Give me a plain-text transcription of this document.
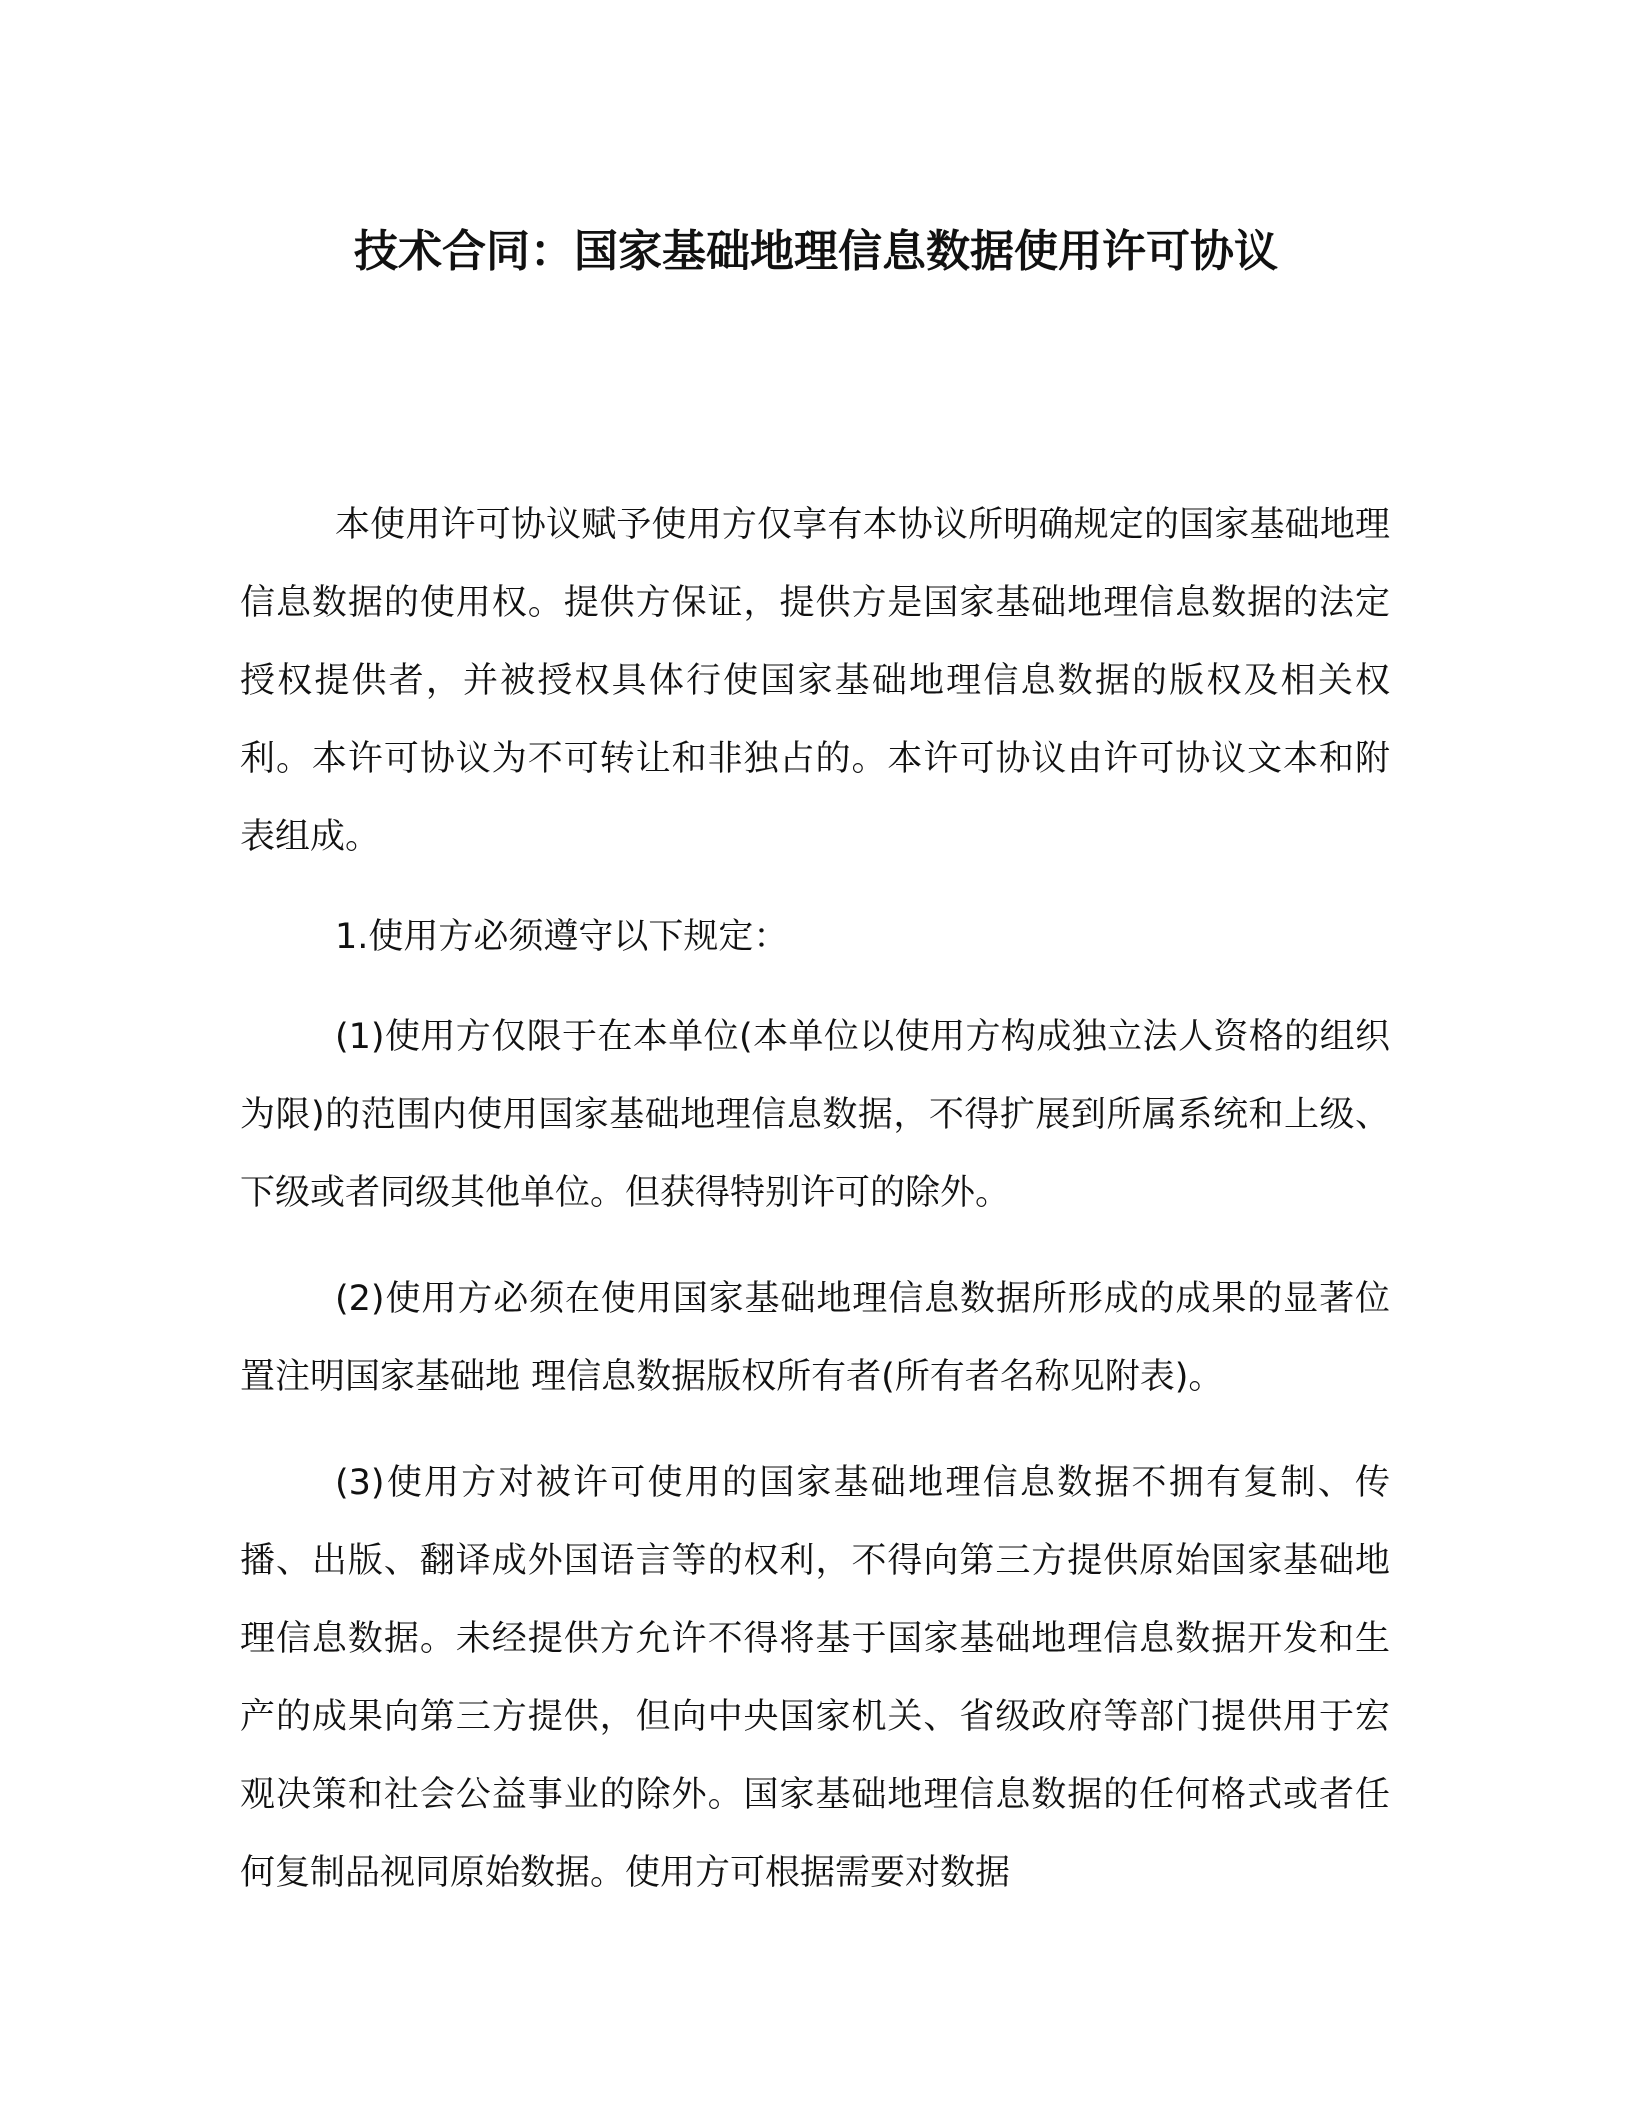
技术合同：国家基础地理信息数据使用许可协议

本使用许可协议赋予使用方仅享有本协议所明确规定的国家基础地理信息数据的使用权。提供方保证，提供方是国家基础地理信息数据的法定授权提供者，并被授权具体行使国家基础地理信息数据的版权及相关权利。本许可协议为不可转让和非独占的。本许可协议由许可协议文本和附表组成。

1.使用方必须遵守以下规定：

(1)使用方仅限于在本单位(本单位以使用方构成独立法人资格的组织为限)的范围内使用国家基础地理信息数据，不得扩展到所属系统和上级、下级或者同级其他单位。但获得特别许可的除外。

(2)使用方必须在使用国家基础地理信息数据所形成的成果的显著位置注明国家基础地 理信息数据版权所有者(所有者名称见附表)。

(3)使用方对被许可使用的国家基础地理信息数据不拥有复制、传播、出版、翻译成外国语言等的权利，不得向第三方提供原始国家基础地理信息数据。未经提供方允许不得将基于国家基础地理信息数据开发和生产的成果向第三方提供，但向中央国家机关、省级政府等部门提供用于宏观决策和社会公益事业的除外。国家基础地理信息数据的任何格式或者任何复制品视同原始数据。使用方可根据需要对数据
